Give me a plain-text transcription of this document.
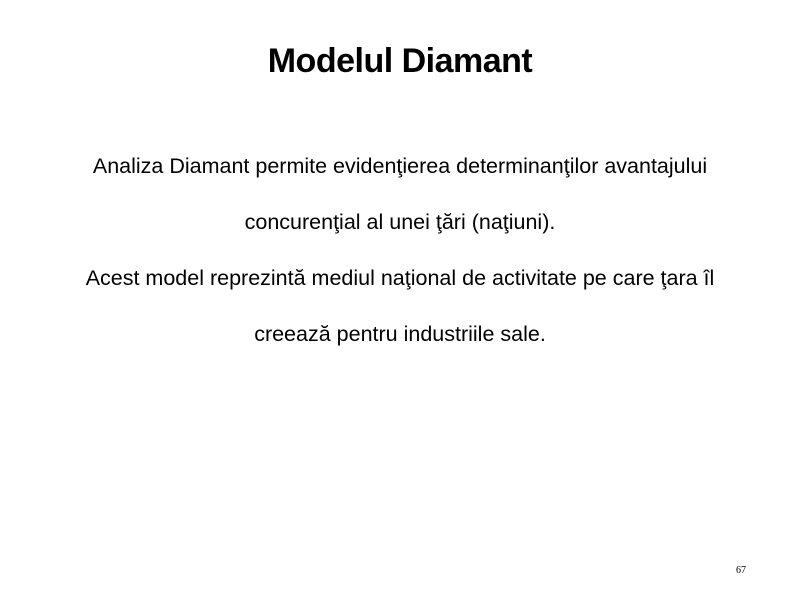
Modelul Diamant

Analiza Diamant permite evidenţierea determinanţilor avantajului concurenţial al unei ţări (naţiuni).

Acest model reprezintă mediul naţional de activitate pe care ţara îl creează pentru industriile sale.

67
